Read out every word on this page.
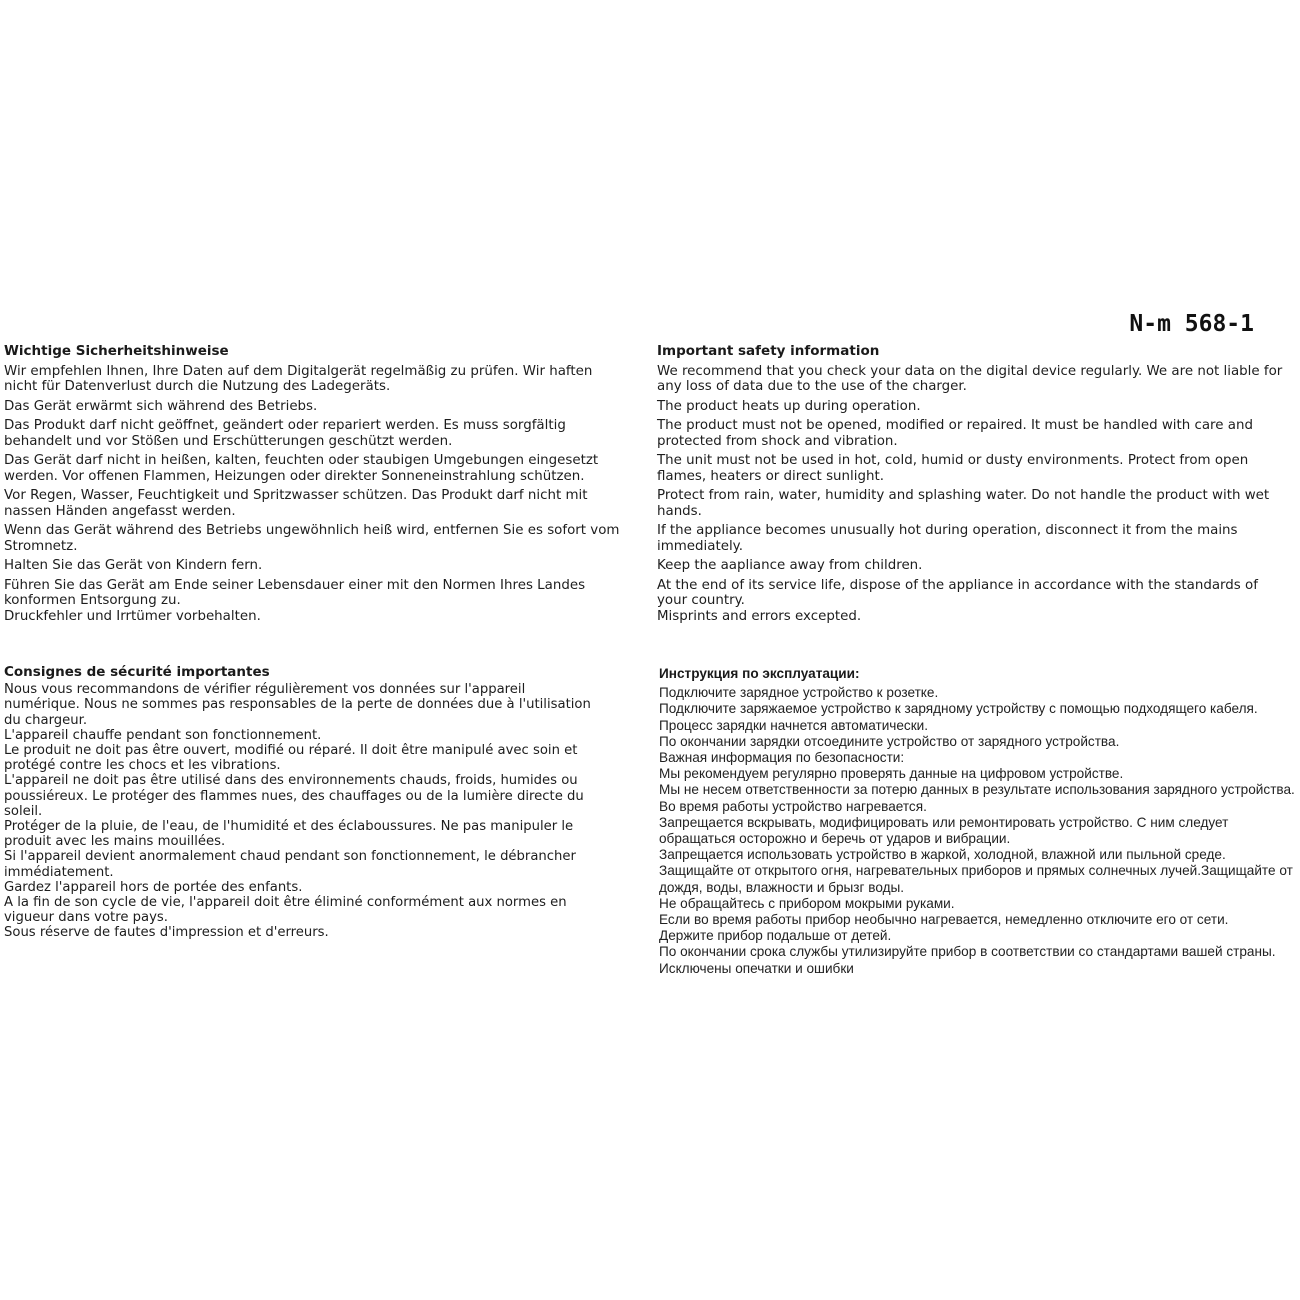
N-m 568-1
Wichtige Sicherheitshinweise

Wir empfehlen Ihnen, Ihre Daten auf dem Digitalgerät regelmäßig zu prüfen. Wir haften nicht für Datenverlust durch die Nutzung des Ladegeräts.

Das Gerät erwärmt sich während des Betriebs.

Das Produkt darf nicht geöffnet, geändert oder repariert werden. Es muss sorgfältig behandelt und vor Stößen und Erschütterungen geschützt werden.

Das Gerät darf nicht in heißen, kalten, feuchten oder staubigen Umgebungen eingesetzt werden. Vor offenen Flammen, Heizungen oder direkter Sonneneinstrahlung schützen.

Vor Regen, Wasser, Feuchtigkeit und Spritzwasser schützen. Das Produkt darf nicht mit nassen Händen angefasst werden.

Wenn das Gerät während des Betriebs ungewöhnlich heiß wird, entfernen Sie es sofort vom Stromnetz.

Halten Sie das Gerät von Kindern fern.

Führen Sie das Gerät am Ende seiner Lebensdauer einer mit den Normen Ihres Landes konformen Entsorgung zu.
Druckfehler und Irrtümer vorbehalten.

Important safety information

We recommend that you check your data on the digital device regularly. We are not liable for any loss of data due to the use of the charger.

The product heats up during operation.

The product must not be opened, modified or repaired. It must be handled with care and protected from shock and vibration.

The unit must not be used in hot, cold, humid or dusty environments. Protect from open flames, heaters or direct sunlight.

Protect from rain, water, humidity and splashing water. Do not handle the product with wet hands.

If the appliance becomes unusually hot during operation, disconnect it from the mains immediately.

Keep the aapliance away from children.

At the end of its service life, dispose of the appliance in accordance with the standards of your country.
Misprints and errors excepted.

Consignes de sécurité importantes

Nous vous recommandons de vérifier régulièrement vos données sur l'appareil numérique. Nous ne sommes pas responsables de la perte de données due à l'utilisation du chargeur.

L'appareil chauffe pendant son fonctionnement.

Le produit ne doit pas être ouvert, modifié ou réparé. Il doit être manipulé avec soin et protégé contre les chocs et les vibrations.

L'appareil ne doit pas être utilisé dans des environnements chauds, froids, humides ou poussiéreux. Le protéger des flammes nues, des chauffages ou de la lumière directe du soleil.

Protéger de la pluie, de l'eau, de l'humidité et des éclaboussures. Ne pas manipuler le produit avec les mains mouillées.

Si l'appareil devient anormalement chaud pendant son fonctionnement, le débrancher immédiatement.

Gardez l'appareil hors de portée des enfants.

A la fin de son cycle de vie, l'appareil doit être éliminé conformément aux normes en vigueur dans votre pays.

Sous réserve de fautes d'impression et d'erreurs.

Инструкция по эксплуатации:

Подключите зарядное устройство к розетке.

Подключите заряжаемое устройство к зарядному устройству с помощью подходящего кабеля.

Процесс зарядки начнется автоматически.

По окончании зарядки отсоедините устройство от зарядного устройства.

Важная информация по безопасности:

Мы рекомендуем регулярно проверять данные на цифровом устройстве.

Мы не несем ответственности за потерю данных в результате использования зарядного устройства.

Во время работы устройство нагревается.

Запрещается вскрывать, модифицировать или ремонтировать устройство. С ним следует обращаться осторожно и беречь от ударов и вибрации.

Запрещается использовать устройство в жаркой, холодной, влажной или пыльной среде.

Защищайте от открытого огня, нагревательных приборов и прямых солнечных лучей.Защищайте от дождя, воды, влажности и брызг воды.

Не обращайтесь с прибором мокрыми руками.

Если во время работы прибор необычно нагревается, немедленно отключите его от сети.

Держите прибор подальше от детей.

По окончании срока службы утилизируйте прибор в соответствии со стандартами вашей страны.

Исключены опечатки и ошибки
